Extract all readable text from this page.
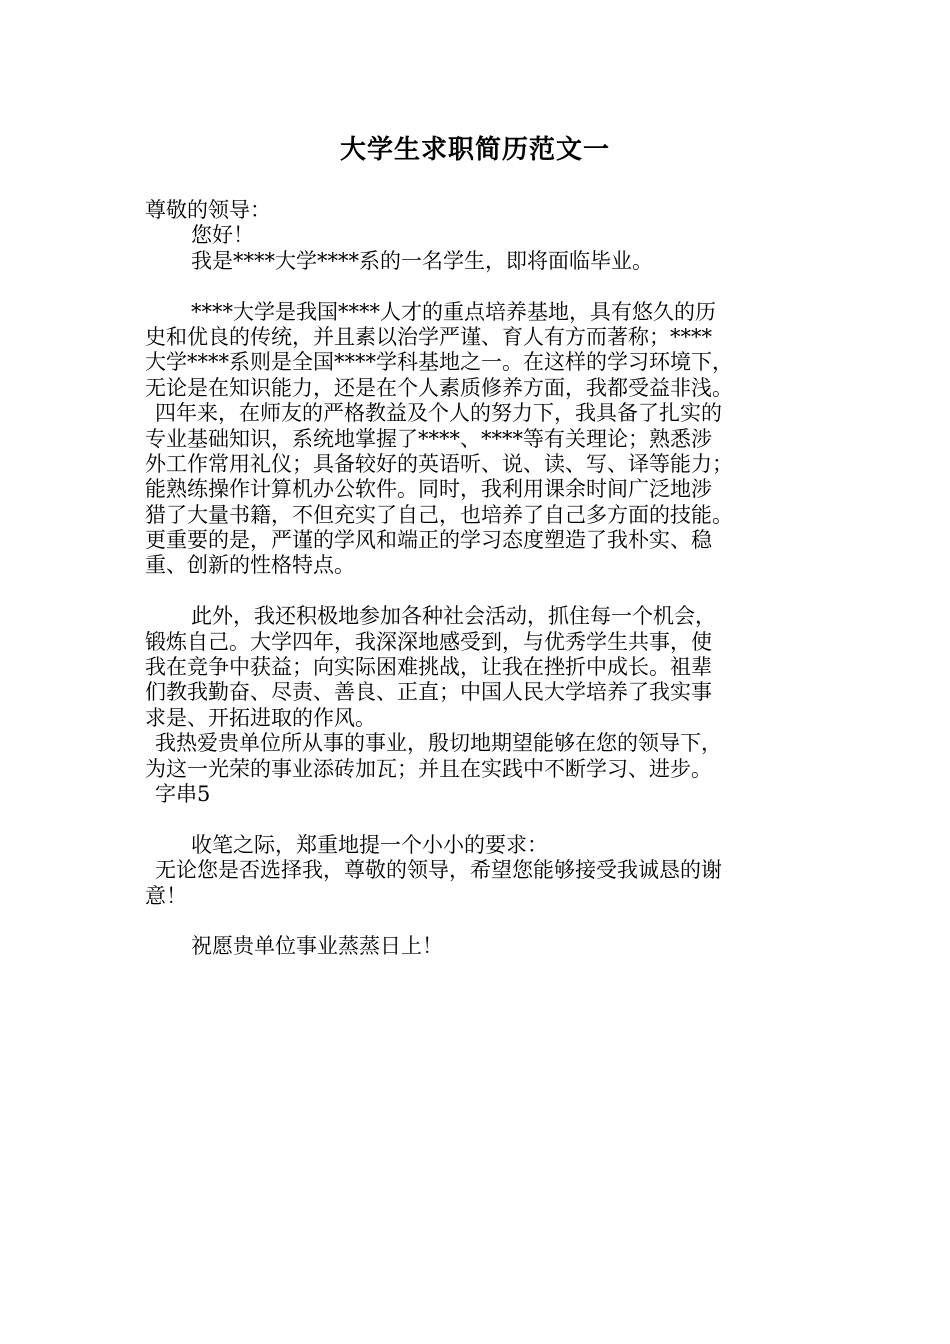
大学生求职简历范文一
尊敬的领导：
您好！
我是****大学****系的一名学生，即将面临毕业。
****大学是我国****人才的重点培养基地，具有悠久的历
史和优良的传统，并且素以治学严谨、育人有方而著称；****
大学****系则是全国****学科基地之一。在这样的学习环境下，
无论是在知识能力，还是在个人素质修养方面，我都受益非浅。
四年来，在师友的严格教益及个人的努力下，我具备了扎实的
专业基础知识，系统地掌握了****、****等有关理论；熟悉涉
外工作常用礼仪；具备较好的英语听、说、读、写、译等能力；
能熟练操作计算机办公软件。同时，我利用课余时间广泛地涉
猎了大量书籍，不但充实了自己，也培养了自己多方面的技能。
更重要的是，严谨的学风和端正的学习态度塑造了我朴实、稳
重、创新的性格特点。
此外，我还积极地参加各种社会活动，抓住每一个机会，
锻炼自己。大学四年，我深深地感受到，与优秀学生共事，使
我在竞争中获益；向实际困难挑战，让我在挫折中成长。祖辈
们教我勤奋、尽责、善良、正直；中国人民大学培养了我实事
求是、开拓进取的作风。
我热爱贵单位所从事的事业，殷切地期望能够在您的领导下，
为这一光荣的事业添砖加瓦；并且在实践中不断学习、进步。
字串5
收笔之际，郑重地提一个小小的要求：
无论您是否选择我，尊敬的领导，希望您能够接受我诚恳的谢
意！
祝愿贵单位事业蒸蒸日上！
